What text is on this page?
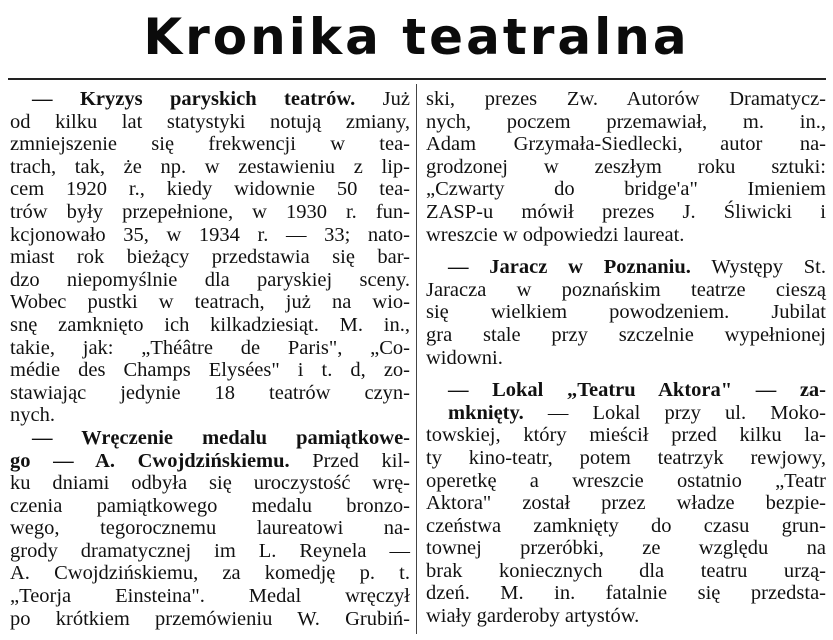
Kronika teatralna
— Kryzys paryskich teatrów. Już
od kilku lat statystyki notują zmiany,
zmniejszenie się frekwencji w tea-
trach, tak, że np. w zestawieniu z lip-
cem 1920 r., kiedy widownie 50 tea-
trów były przepełnione, w 1930 r. fun-
kcjonowało 35, w 1934 r. — 33; nato-
miast rok bieżący przedstawia się bar-
dzo niepomyślnie dla paryskiej sceny.
Wobec pustki w teatrach, już na wio-
snę zamknięto ich kilkadziesiąt. M. in.,
takie, jak: „Théâtre de Paris", „Co-
médie des Champs Elysées" i t. d, zo-
stawiając jedynie 18 teatrów czyn-
nych.
— Wręczenie medalu pamiątkowe-
go — A. Cwojdzińskiemu. Przed kil-
ku dniami odbyła się uroczystość wrę-
czenia pamiątkowego medalu bronzo-
wego, tegorocznemu laureatowi na-
grody dramatycznej im L. Reynela —
A. Cwojdzińskiemu, za komedję p. t.
„Teorja Einsteina". Medal wręczył
po krótkiem przemówieniu W. Grubiń-
ski, prezes Zw. Autorów Dramatycz-
nych, poczem przemawiał, m. in.,
Adam Grzymała-Siedlecki, autor na-
grodzonej w zeszłym roku sztuki:
„Czwarty do bridge'a" Imieniem
ZASP-u mówił prezes J. Śliwicki i
wreszcie w odpowiedzi laureat.
— Jaracz w Poznaniu. Występy St.
Jaracza w poznańskim teatrze cieszą
się wielkiem powodzeniem. Jubilat
gra stale przy szczelnie wypełnionej
widowni.
— Lokal „Teatru Aktora" — za-
mknięty. — Lokal przy ul. Moko-
towskiej, który mieścił przed kilku la-
ty kino-teatr, potem teatrzyk rewjowy,
operetkę a wreszcie ostatnio „Teatr
Aktora" został przez władze bezpie-
czeństwa zamknięty do czasu grun-
townej przeróbki, ze względu na
brak koniecznych dla teatru urzą-
dzeń. M. in. fatalnie się przedsta-
wiały garderoby artystów.
